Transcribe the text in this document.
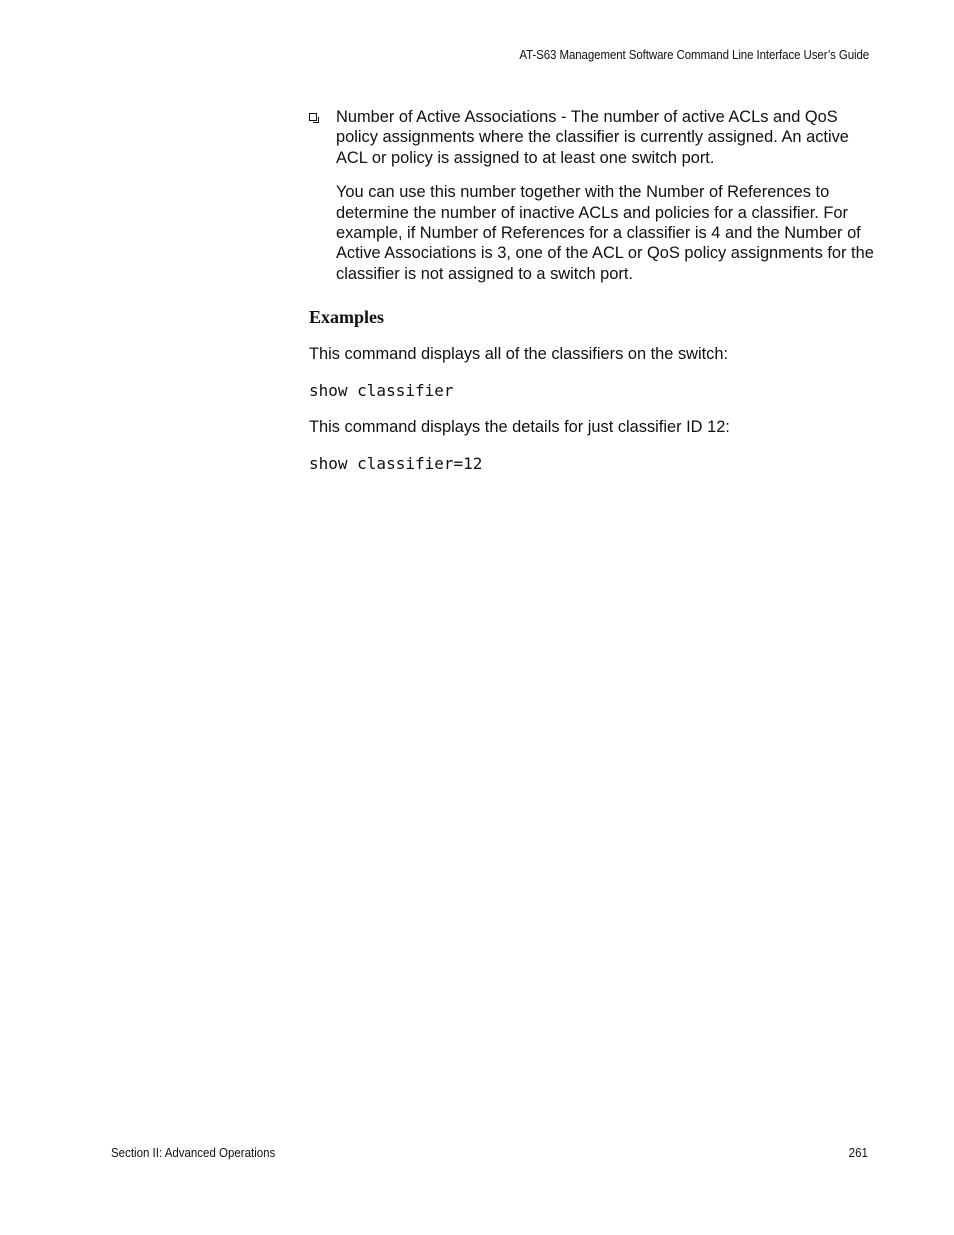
AT-S63 Management Software Command Line Interface User’s Guide

Number of Active Associations - The number of active ACLs and QoS policy assignments where the classifier is currently assigned. An active ACL or policy is assigned to at least one switch port.

You can use this number together with the Number of References to determine the number of inactive ACLs and policies for a classifier. For example, if Number of References for a classifier is 4 and the Number of Active Associations is 3, one of the ACL or QoS policy assignments for the classifier is not assigned to a switch port.

Examples

This command displays all of the classifiers on the switch:

show classifier

This command displays the details for just classifier ID 12:

show classifier=12
Section II: Advanced Operations	261
